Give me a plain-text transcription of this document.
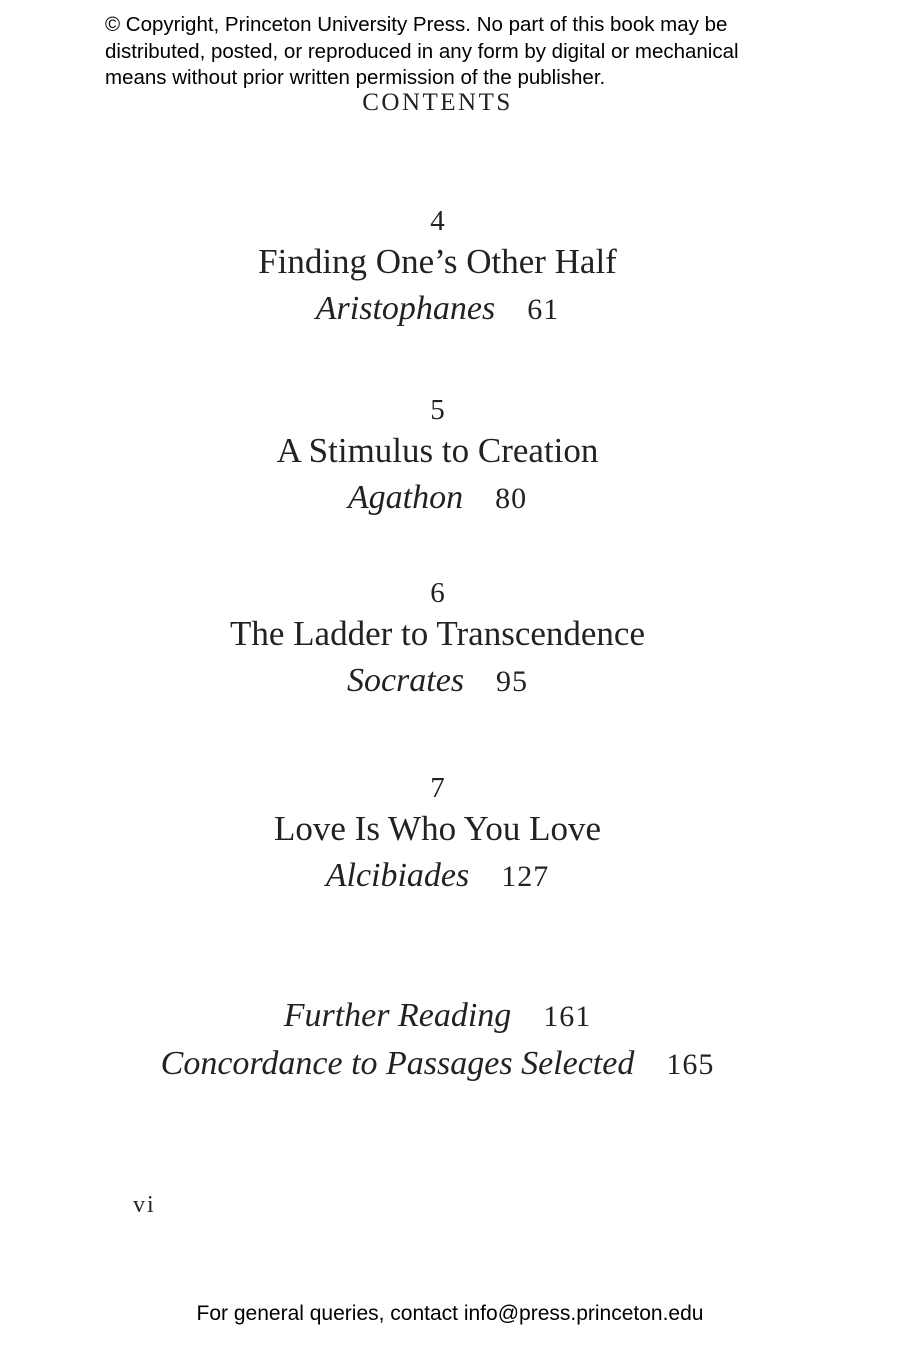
© Copyright, Princeton University Press. No part of this book may be
distributed, posted, or reproduced in any form by digital or mechanical
means without prior written permission of the publisher.
CONTENTS
4
Finding One’s Other Half
Aristophanes 61
5
A Stimulus to Creation
Agathon 80
6
The Ladder to Transcendence
Socrates 95
7
Love Is Who You Love
Alcibiades 127
Further Reading 161
Concordance to Passages Selected 165
vi
For general queries, contact info@press.princeton.edu
